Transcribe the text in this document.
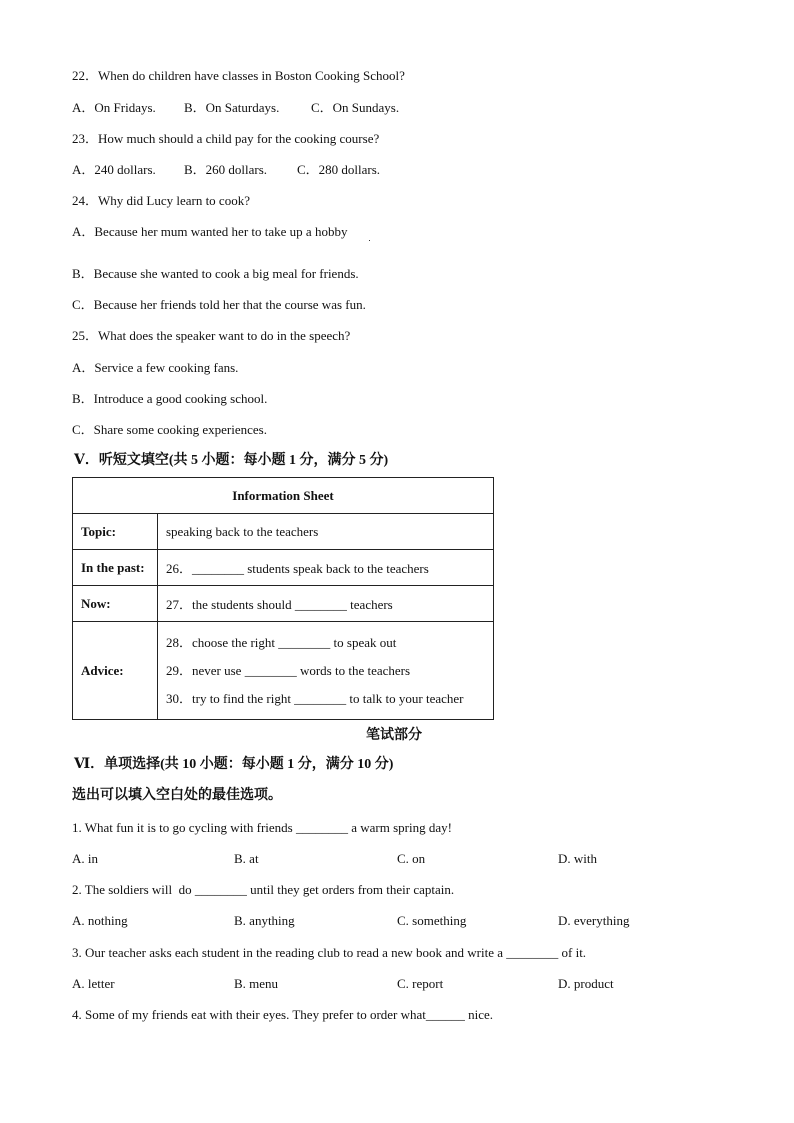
22．When do children have classes in Boston Cooking School?
A．On Fridays. B．On Saturdays. C．On Sundays.
23．How much should a child pay for the cooking course?
A．240 dollars. B．260 dollars. C．280 dollars.
24．Why did Lucy learn to cook?
A．Because her mum wanted her to take up a hobby
B．Because she wanted to cook a big meal for friends.
C．Because her friends told her that the course was fun.
25．What does the speaker want to do in the speech?
A．Service a few cooking fans.
B．Introduce a good cooking school.
C．Share some cooking experiences.
Ⅴ．听短文填空(共 5 小题：每小题 1 分，满分 5 分)
Information Sheet	
Topic:	speaking back to the teachers
In the past:	26．________ students speak back to the teachers
Now:	27．the students should ________ teachers
Advice:	28．choose the right ________ to speak out
29．never use ________ words to the teachers
30．try to find the right ________ to talk to your teacher
笔试部分
Ⅵ．单项选择(共 10 小题：每小题 1 分，满分 10 分)
选出可以填入空白处的最佳选项。
1. What fun it is to go cycling with friends ________ a warm spring day!
A. in	B. at	C. on	D. with
2. The soldiers will  do ________ until they get orders from their captain.
A. nothing	B. anything	C. something	D. everything
3. Our teacher asks each student in the reading club to read a new book and write a ________ of it.
A. letter	B. menu	C. report	D. product
4. Some of my friends eat with their eyes. They prefer to order what______ nice.
